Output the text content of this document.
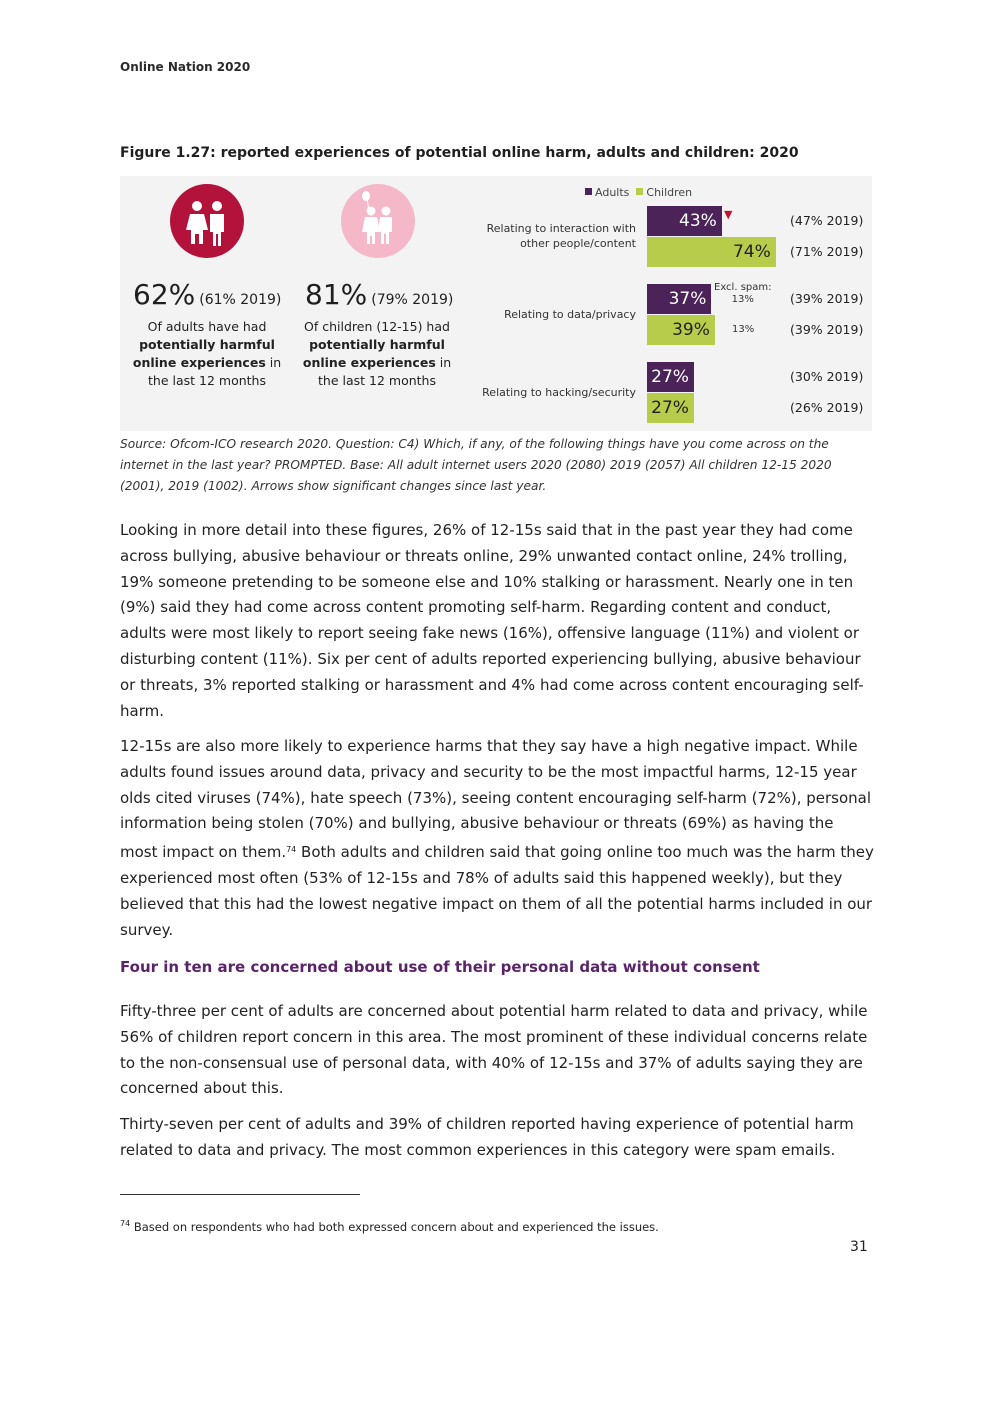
Online Nation 2020
Figure 1.27: reported experiences of potential online harm, adults and children: 2020
62% (61% 2019)
Of adults have had
potentially harmful
online experiences in
the last 12 months
81% (79% 2019)
Of children (12-15) had
potentially harmful
online experiences in
the last 12 months
Adults Children
Relating to interaction with
other people/content
Relating to data/privacy
Relating to hacking/security
43%	(47% 2019)
74%	(71% 2019)
37%	(39% 2019)
39%	(39% 2019)
27%	(30% 2019)
27%	(26% 2019)
▼
Excl. spam:
13%
13%
Source: Ofcom-ICO research 2020. Question: C4) Which, if any, of the following things have you come across on the internet in the last year? PROMPTED. Base: All adult internet users 2020 (2080) 2019 (2057) All children 12-15 2020 (2001), 2019 (1002). Arrows show significant changes since last year.
Looking in more detail into these figures, 26% of 12-15s said that in the past year they had come across bullying, abusive behaviour or threats online, 29% unwanted contact online, 24% trolling, 19% someone pretending to be someone else and 10% stalking or harassment. Nearly one in ten (9%) said they had come across content promoting self-harm. Regarding content and conduct, adults were most likely to report seeing fake news (16%), offensive language (11%) and violent or disturbing content (11%). Six per cent of adults reported experiencing bullying, abusive behaviour or threats, 3% reported stalking or harassment and 4% had come across content encouraging self-harm.
12-15s are also more likely to experience harms that they say have a high negative impact. While adults found issues around data, privacy and security to be the most impactful harms, 12-15 year olds cited viruses (74%), hate speech (73%), seeing content encouraging self-harm (72%), personal information being stolen (70%) and bullying, abusive behaviour or threats (69%) as having the most impact on them.$^{74}$ Both adults and children said that going online too much was the harm they experienced most often (53% of 12-15s and 78% of adults said this happened weekly), but they believed that this had the lowest negative impact on them of all the potential harms included in our survey.
Four in ten are concerned about use of their personal data without consent
Fifty-three per cent of adults are concerned about potential harm related to data and privacy, while 56% of children report concern in this area. The most prominent of these individual concerns relate to the non-consensual use of personal data, with 40% of 12-15s and 37% of adults saying they are concerned about this.
Thirty-seven per cent of adults and 39% of children reported having experience of potential harm related to data and privacy. The most common experiences in this category were spam emails.
$^{74}$ Based on respondents who had both expressed concern about and experienced the issues.
31
